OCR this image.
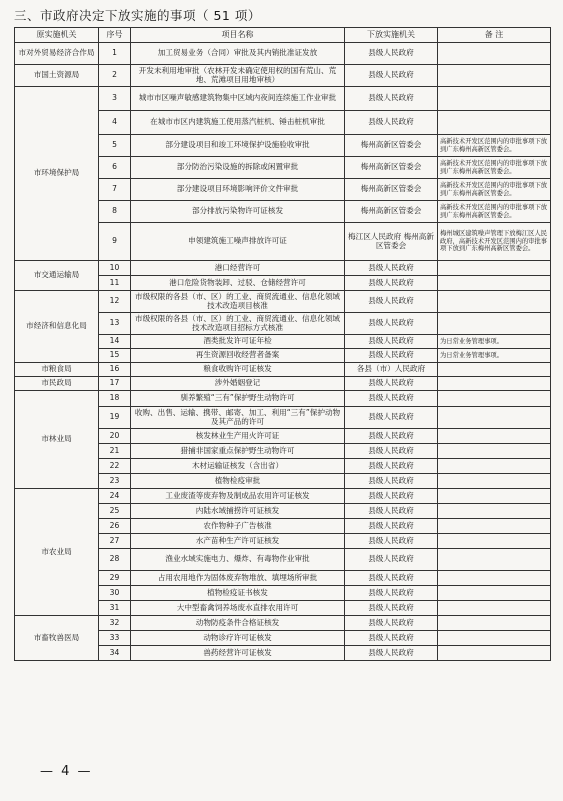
三、市政府决定下放实施的事项（ 51 项）
原实施机关	序号	项目名称	下放实施机关	备 注
市对外贸易经济合作局	1	加工贸易业务（合同）审批及其内销批准证发放	县级人民政府	
市国土资源局	2	开发未利用地审批（农林开发未确定使用权的国有荒山、荒地、荒滩项目用地审核）	县级人民政府	
市环境保护局	3	城市市区噪声敏感建筑物集中区域内夜间连续施工作业审批	县级人民政府	
	4	在城市市区内建筑施工使用蒸汽桩机、锤击桩机审批	县级人民政府	
	5	部分建设项目和竣工环境保护设施验收审批	梅州高新区管委会	高新技术开发区范围内的审批事项下放到广东梅州高新区管委会。
	6	部分防治污染设施的拆除或闲置审批	梅州高新区管委会	高新技术开发区范围内的审批事项下放到广东梅州高新区管委会。
	7	部分建设项目环境影响评价文件审批	梅州高新区管委会	高新技术开发区范围内的审批事项下放到广东梅州高新区管委会。
	8	部分排放污染物许可证核发	梅州高新区管委会	高新技术开发区范围内的审批事项下放到广东梅州高新区管委会。
	9	申领建筑施工噪声排放许可证	梅江区人民政府 梅州高新区管委会	梅州城区建筑噪声管理下放梅江区人民政府，高新技术开发区范围内的审批事项下放到广东梅州高新区管委会。
市交通运输局	10	港口经营许可	县级人民政府	
	11	港口危险货物装卸、过驳、仓储经营许可	县级人民政府	
市经济和信息化局	12	市级权限的各县（市、区）的工业、商贸流通业、信息化领域技术改造项目核准	县级人民政府	
	13	市级权限的各县（市、区）的工业、商贸流通业、信息化领域技术改造项目招标方式核准	县级人民政府	
	14	酒类批发许可证年检	县级人民政府	为日常业务管理事项。
	15	再生资源回收经营者备案	县级人民政府	为日常业务管理事项。
市粮食局	16	粮食收购许可证核发	各县（市）人民政府	
市民政局	17	涉外婚姻登记	县级人民政府	
市林业局	18	驯养繁殖“三有”保护野生动物许可	县级人民政府	
	19	收购、出售、运输、携带、邮寄、加工、利用“三有”保护动物及其产品的许可	县级人民政府	
	20	核发林业生产用火许可证	县级人民政府	
	21	猎捕非国家重点保护野生动物许可	县级人民政府	
	22	木材运输证核发（含出省）	县级人民政府	
	23	植物检疫审批	县级人民政府	
市农业局	24	工业废渣等废弃物及制成品农用许可证核发	县级人民政府	
	25	内陆水域捕捞许可证核发	县级人民政府	
	26	农作物种子广告核准	县级人民政府	
	27	水产苗种生产许可证核发	县级人民政府	
	28	渔业水域实施电力、爆炸、有毒物作业审批	县级人民政府	
	29	占用农用地作为固体废弃物堆放、填埋场所审批	县级人民政府	
	30	植物检疫证书核发	县级人民政府	
	31	大中型畜禽饲养场废水直排农用许可	县级人民政府	
市畜牧兽医局	32	动物防疫条件合格证核发	县级人民政府	
	33	动物诊疗许可证核发	县级人民政府	
	34	兽药经营许可证核发	县级人民政府	
— 4 —
